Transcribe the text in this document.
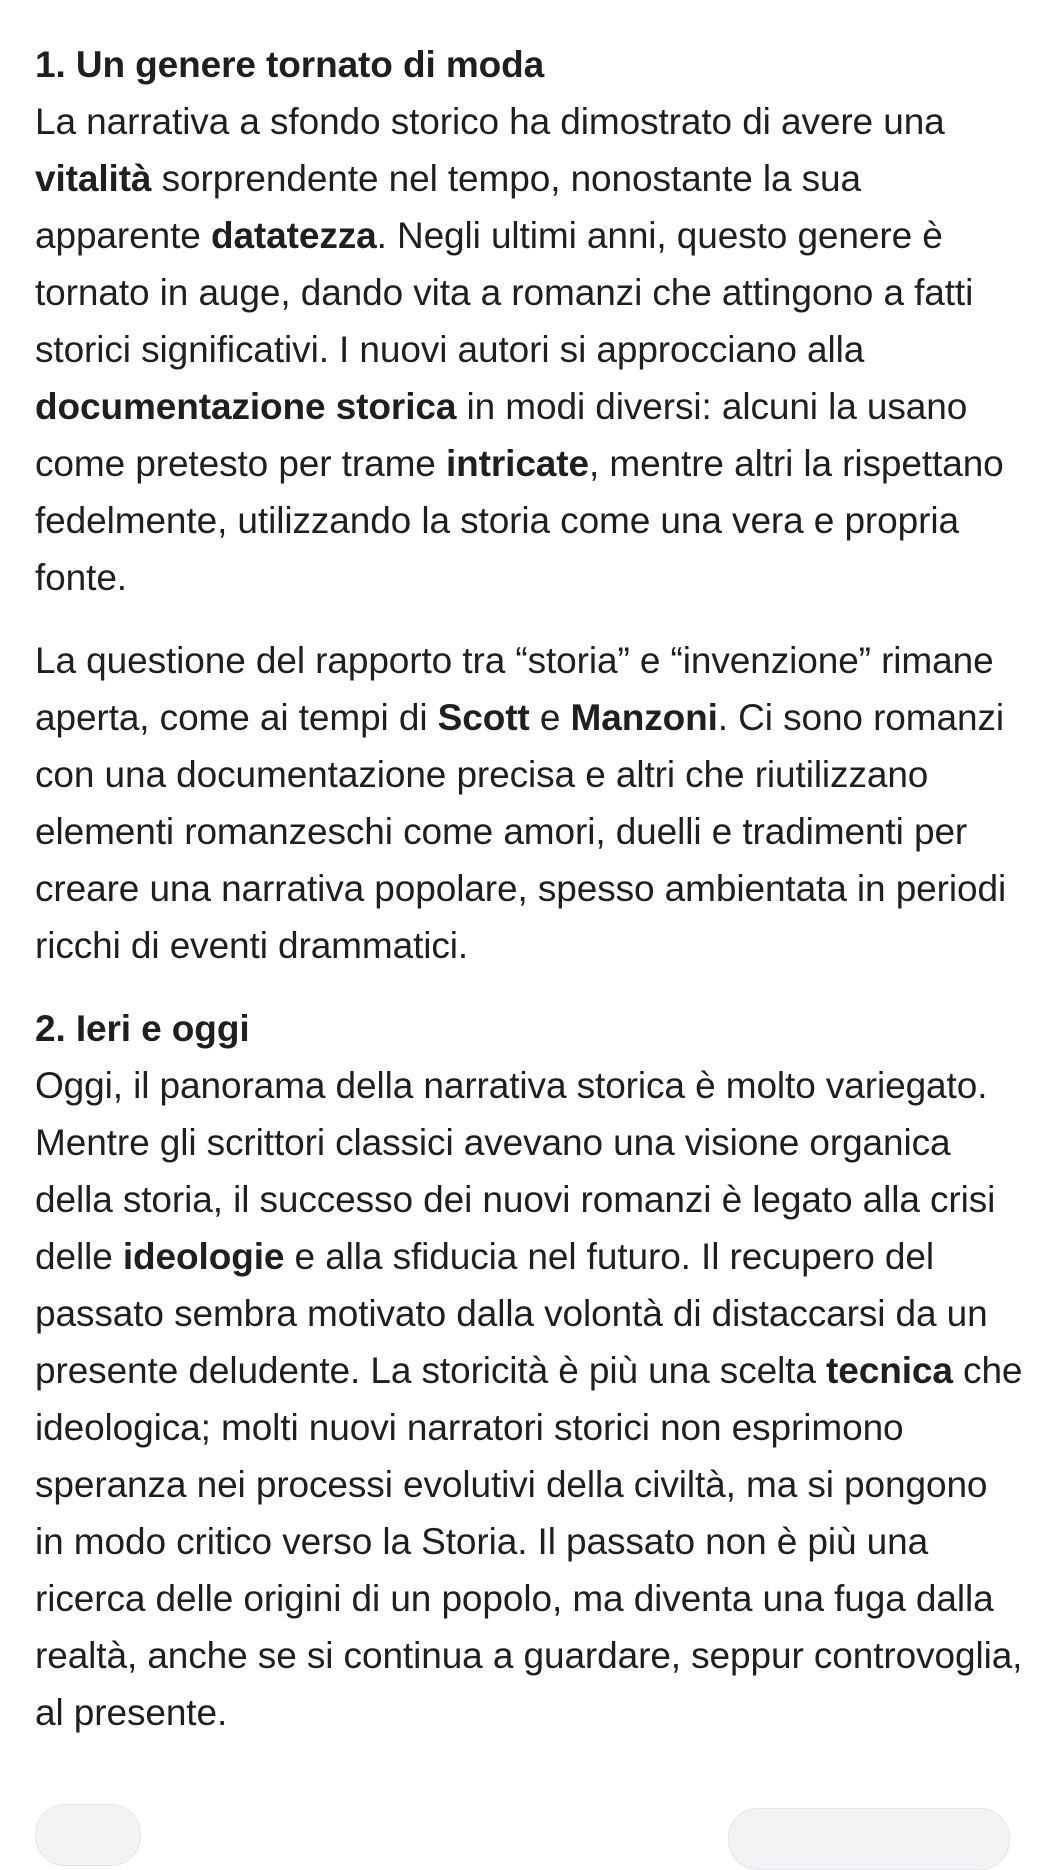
1. Un genere tornato di moda

La narrativa a sfondo storico ha dimostrato di avere una vitalità sorprendente nel tempo, nonostante la sua apparente datatezza. Negli ultimi anni, questo genere è tornato in auge, dando vita a romanzi che attingono a fatti storici significativi. I nuovi autori si approcciano alla documentazione storica in modi diversi: alcuni la usano come pretesto per trame intricate, mentre altri la rispettano fedelmente, utilizzando la storia come una vera e propria fonte.

La questione del rapporto tra “storia” e “invenzione” rimane aperta, come ai tempi di Scott e Manzoni. Ci sono romanzi con una documentazione precisa e altri che riutilizzano elementi romanzeschi come amori, duelli e tradimenti per creare una narrativa popolare, spesso ambientata in periodi ricchi di eventi drammatici.

2. Ieri e oggi

Oggi, il panorama della narrativa storica è molto variegato. Mentre gli scrittori classici avevano una visione organica della storia, il successo dei nuovi romanzi è legato alla crisi delle ideologie e alla sfiducia nel futuro. Il recupero del passato sembra motivato dalla volontà di distaccarsi da un presente deludente. La storicità è più una scelta tecnica che ideologica; molti nuovi narratori storici non esprimono speranza nei processi evolutivi della civiltà, ma si pongono in modo critico verso la Storia. Il passato non è più una ricerca delle origini di un popolo, ma diventa una fuga dalla realtà, anche se si continua a guardare, seppur controvoglia, al presente.
